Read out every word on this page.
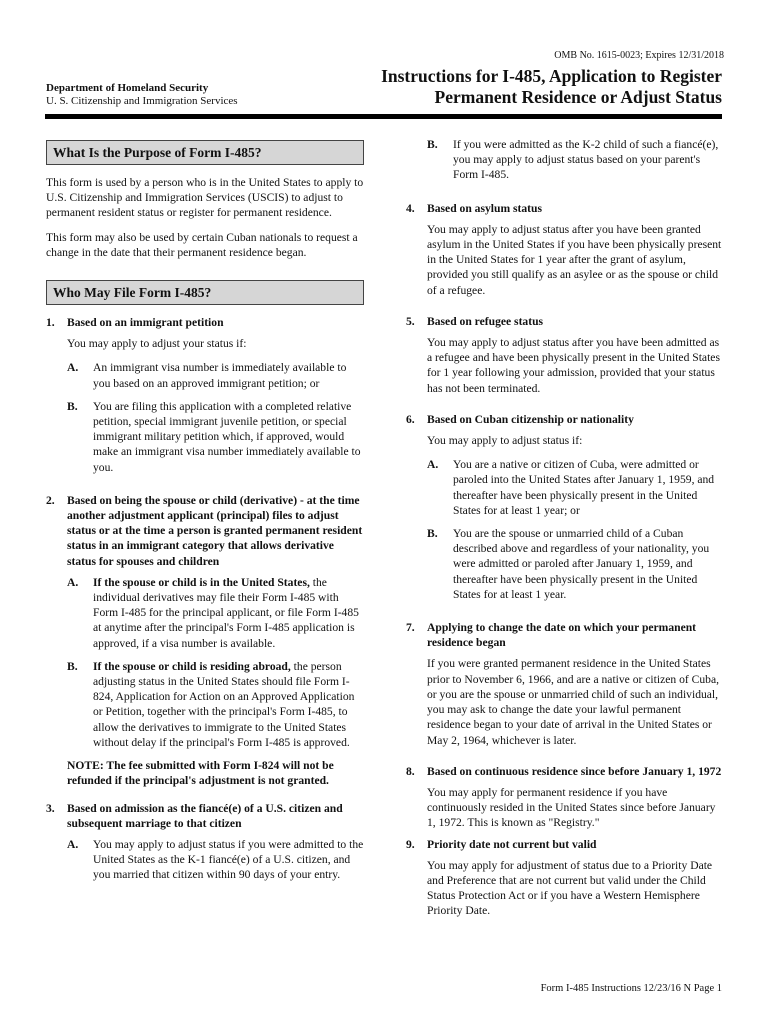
OMB No. 1615-0023; Expires 12/31/2018
Department of Homeland Security
U. S. Citizenship and Immigration Services
Instructions for I-485, Application to Register
Permanent Residence or Adjust Status
What Is the Purpose of Form I-485?

This form is used by a person who is in the United States to apply to U.S. Citizenship and Immigration Services (USCIS) to adjust to permanent resident status or register for permanent residence.

This form may also be used by certain Cuban nationals to request a change in the date that their permanent residence began.

Who May File Form I-485?
1. Based on an immigrant petition

You may apply to adjust your status if:

A. An immigrant visa number is immediately available to you based on an approved immigrant petition; or
B. You are filing this application with a completed relative petition, special immigrant juvenile petition, or special immigrant military petition which, if approved, would make an immigrant visa number immediately available to you.
2. Based on being the spouse or child (derivative) - at the time another adjustment applicant (principal) files to adjust status or at the time a person is granted permanent resident status in an immigrant category that allows derivative status for spouses and children
A. If the spouse or child is in the United States, the individual derivatives may file their Form I-485 with Form I-485 for the principal applicant, or file Form I-485 at anytime after the principal's Form I-485 application is approved, if a visa number is available.
B. If the spouse or child is residing abroad, the person adjusting status in the United States should file Form I-824, Application for Action on an Approved Application or Petition, together with the principal's Form I-485, to allow the derivatives to immigrate to the United States without delay if the principal's Form I-485 is approved.

NOTE: The fee submitted with Form I-824 will not be refunded if the principal's adjustment is not granted.

3. Based on admission as the fiancé(e) of a U.S. citizen and subsequent marriage to that citizen
A. You may apply to adjust status if you were admitted to the United States as the K-1 fiancé(e) of a U.S. citizen, and you married that citizen within 90 days of your entry.
B. If you were admitted as the K-2 child of such a fiancé(e), you may apply to adjust status based on your parent's Form I-485.
4. Based on asylum status

You may apply to adjust status after you have been granted asylum in the United States if you have been physically present in the United States for 1 year after the grant of asylum, provided you still qualify as an asylee or as the spouse or child of a refugee.

5. Based on refugee status

You may apply to adjust status after you have been admitted as a refugee and have been physically present in the United States for 1 year following your admission, provided that your status has not been terminated.

6. Based on Cuban citizenship or nationality

You may apply to adjust status if:

A. You are a native or citizen of Cuba, were admitted or paroled into the United States after January 1, 1959, and thereafter have been physically present in the United States for at least 1 year; or
B. You are the spouse or unmarried child of a Cuban described above and regardless of your nationality, you were admitted or paroled after January 1, 1959, and thereafter have been physically present in the United States for at least 1 year.
7. Applying to change the date on which your permanent residence began

If you were granted permanent residence in the United States prior to November 6, 1966, and are a native or citizen of Cuba, or you are the spouse or unmarried child of such an individual, you may ask to change the date your lawful permanent residence began to your date of arrival in the United States or May 2, 1964, whichever is later.

8. Based on continuous residence since before January 1, 1972

You may apply for permanent residence if you have continuously resided in the United States since before January 1, 1972. This is known as "Registry."

9. Priority date not current but valid

You may apply for adjustment of status due to a Priority Date and Preference that are not current but valid under the Child Status Protection Act or if you have a Western Hemisphere Priority Date.

Form I-485 Instructions 12/23/16 N Page 1
